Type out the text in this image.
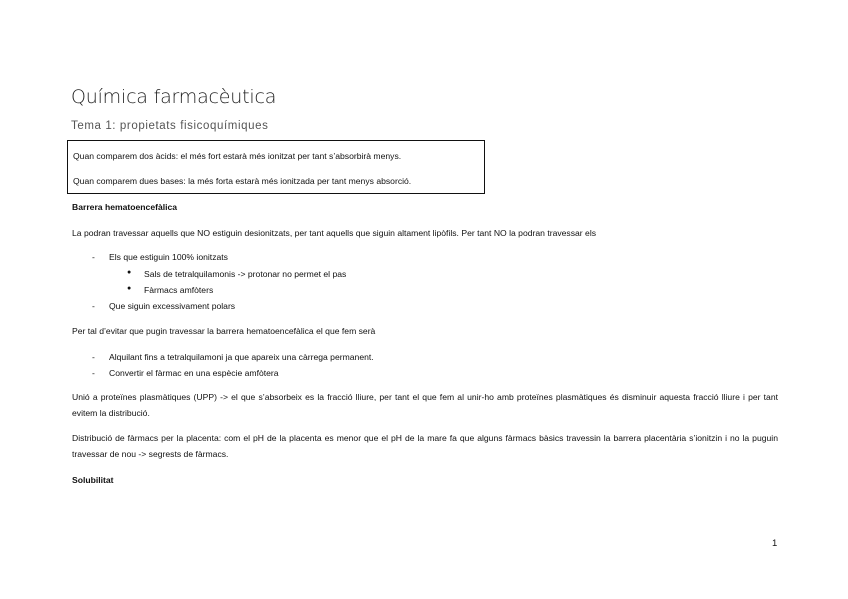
Química farmacèutica
Tema 1: propietats fisicoquímiques

Quan comparem dos àcids: el més fort estarà més ionitzat per tant s’absorbirà menys.

Quan comparem dues bases: la més forta estarà més ionitzada per tant menys absorció.

Barrera hematoencefàlica
La podran travessar aquells que NO estiguin desionitzats, per tant aquells que siguin altament lipòfils. Per tant NO la podran travessar els
- Els que estiguin 100% ionitzats
● Sals de tetralquilamonis -> protonar no permet el pas
● Fàrmacs amfòters
- Que siguin excessivament polars
Per tal d’evitar que pugin travessar la barrera hematoencefàlica el que fem serà
- Alquilant fins a tetralquilamoni ja que apareix una càrrega permanent.
- Convertir el fàrmac en una espècie amfòtera
Unió a proteïnes plasmàtiques (UPP) -> el que s’absorbeix es la fracció lliure, per tant el que fem al unir-ho amb proteïnes plasmàtiques és disminuir aquesta fracció lliure i per tant evitem la distribució.
Distribució de fàrmacs per la placenta: com el pH de la placenta es menor que el pH de la mare fa que alguns fàrmacs bàsics travessin la barrera placentària s’ionitzin i no la puguin travessar de nou -> segrests de fàrmacs.
Solubilitat
1
